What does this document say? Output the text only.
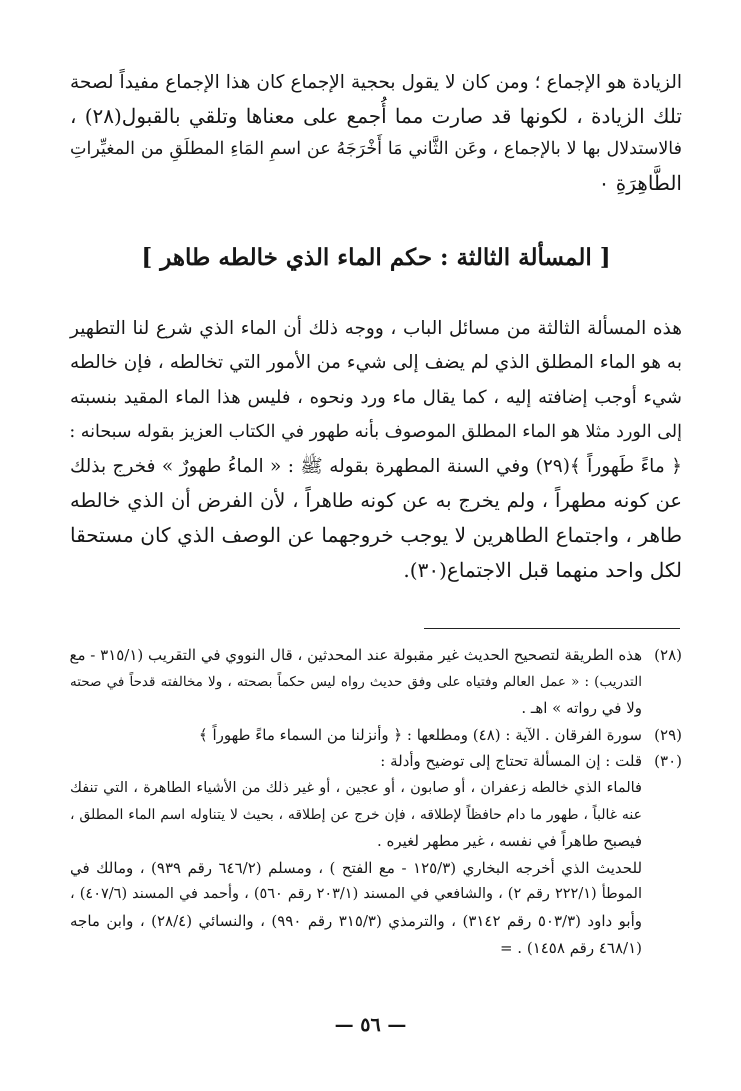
الزيادة هو الإجماع ؛ ومن كان لا يقول بحجية الإجماع كان هذا الإجماع مفيداً لصحة
تلك الزيادة ، لكونها قد صارت مما أُجمع على معناها وتلقي بالقبول(٢٨) ،
فالاستدلال بها لا بالإجماع ، وعَن الثَّاني مَا أَخْرَجَهُ عن اسمِ المَاءِ المطلَقِ من المغيِّراتِ
الطَّاهِرَةِ ٠
[ المسألة الثالثة : حكم الماء الذي خالطه طاهر ]
هذه المسألة الثالثة من مسائل الباب ، ووجه ذلك أن الماء الذي شرع لنا التطهير
به هو الماء المطلق الذي لم يضف إلى شيء من الأمور التي تخالطه ، فإن خالطه
شيء أوجب إضافته إليه ، كما يقال ماء ورد ونحوه ، فليس هذا الماء المقيد بنسبته
إلى الورد مثلا هو الماء المطلق الموصوف بأنه طهور في الكتاب العزيز بقوله سبحانه :
﴿ ماءً طَهوراً ﴾(٢٩) وفي السنة المطهرة بقوله ﷺ : « الماءُ طهورٌ » فخرج بذلك
عن كونه مطهراً ، ولم يخرج به عن كونه طاهراً ، لأن الفرض أن الذي خالطه
طاهر ، واجتماع الطاهرين لا يوجب خروجهما عن الوصف الذي كان مستحقا
لكل واحد منهما قبل الاجتماع(٣٠).
(٢٨)
هذه الطريقة لتصحيح الحديث غير مقبولة عند المحدثين ، قال النووي في التقريب (٣١٥/١ - مع
التدريب) : « عمل العالم وفتياه على وفق حديث رواه ليس حكماً بصحته ، ولا مخالفته قدحاً في صحته
ولا في رواته » اهـ .
(٢٩)
سورة الفرقان . الآية : (٤٨) ومطلعها : ﴿ وأنزلنا من السماء ماءً طهوراً ﴾
(٣٠)
قلت : إن المسألة تحتاج إلى توضيح وأدلة :
فالماء الذي خالطه زعفران ، أو صابون ، أو عجين ، أو غير ذلك من الأشياء الطاهرة ، التي تنفك
عنه غالباً ، طهور ما دام حافظاً لإطلاقه ، فإن خرج عن إطلاقه ، بحيث لا يتناوله اسم الماء المطلق ،
فيصبح طاهراً في نفسه ، غير مطهر لغيره .
للحديث الذي أخرجه البخاري (١٢٥/٣ - مع الفتح ) ، ومسلم (٦٤٦/٢ رقم ٩٣٩) ، ومالك في
الموطأ (٢٢٢/١ رقم ٢) ، والشافعي في المسند (٢٠٣/١ رقم ٥٦٠) ، وأحمد في المسند (٤٠٧/٦) ،
وأبو داود (٥٠٣/٣ رقم ٣١٤٢) ، والترمذي (٣١٥/٣ رقم ٩٩٠) ، والنسائي (٢٨/٤) ، وابن ماجه
(٤٦٨/١ رقم ١٤٥٨) . =
— ٥٦ —
